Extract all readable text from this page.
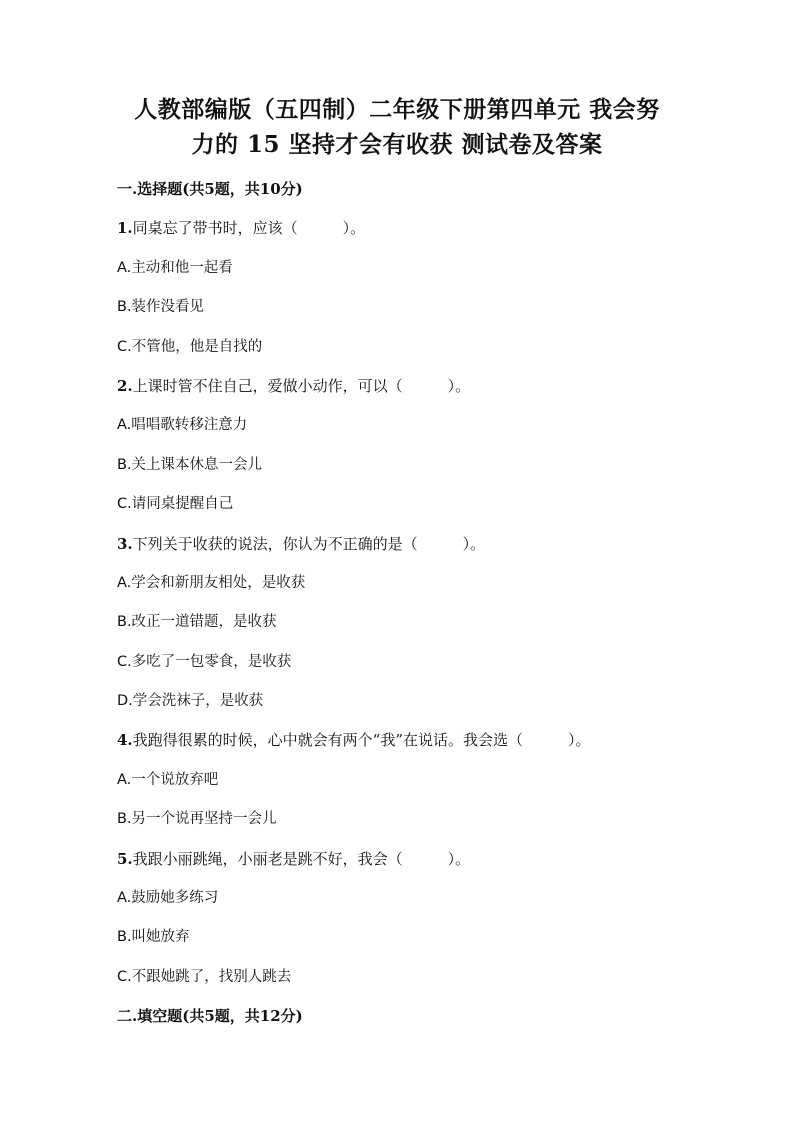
人教部编版（五四制）二年级下册第四单元 我会努
力的 15 坚持才会有收获 测试卷及答案
一.选择题(共5题，共10分)
1.同桌忘了带书时，应该（　　　）。
A.主动和他一起看
B.装作没看见
C.不管他，他是自找的
2.上课时管不住自己，爱做小动作，可以（　　　）。
A.唱唱歌转移注意力
B.关上课本休息一会儿
C.请同桌提醒自己
3.下列关于收获的说法，你认为不正确的是（　　　）。
A.学会和新朋友相处，是收获
B.改正一道错题，是收获
C.多吃了一包零食，是收获
D.学会洗袜子，是收获
4.我跑得很累的时候，心中就会有两个“我”在说话。我会选（　　　）。
A.一个说放弃吧
B.另一个说再坚持一会儿
5.我跟小丽跳绳，小丽老是跳不好，我会（　　　）。
A.鼓励她多练习
B.叫她放弃
C.不跟她跳了，找别人跳去
二.填空题(共5题，共12分)
